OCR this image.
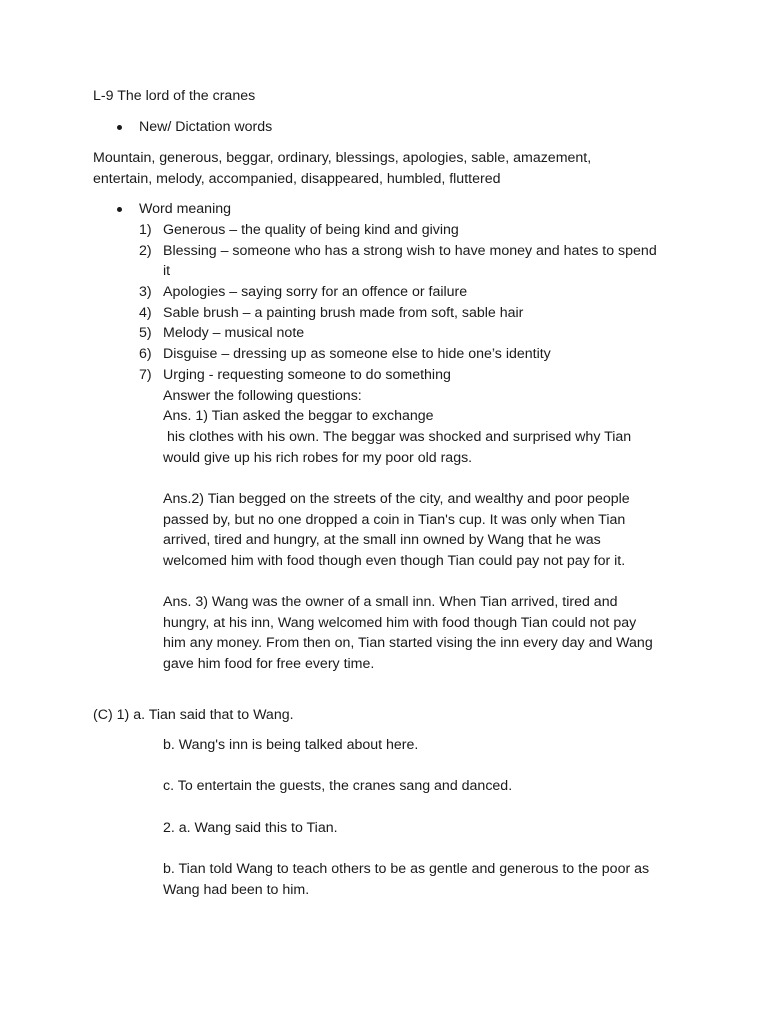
L-9 The lord of the cranes
New/ Dictation words
Mountain, generous, beggar, ordinary, blessings, apologies, sable, amazement,
entertain, melody, accompanied, disappeared, humbled, fluttered
Word meaning
1) Generous – the quality of being kind and giving
2) Blessing – someone who has a strong wish to have money and hates to spend
it
3) Apologies – saying sorry for an offence or failure
4) Sable brush – a painting brush made from soft, sable hair
5) Melody – musical note
6) Disguise – dressing up as someone else to hide one’s identity
7) Urging - requesting someone to do something
Answer the following questions:
Ans. 1) Tian asked the beggar to exchange
his clothes with his own. The beggar was shocked and surprised why Tian
would give up his rich robes for my poor old rags.
Ans.2) Tian begged on the streets of the city, and wealthy and poor people
passed by, but no one dropped a coin in Tian's cup. It was only when Tian
arrived, tired and hungry, at the small inn owned by Wang that he was
welcomed him with food though even though Tian could pay not pay for it.
Ans. 3) Wang was the owner of a small inn. When Tian arrived, tired and
hungry, at his inn, Wang welcomed him with food though Tian could not pay
him any money. From then on, Tian started vising the inn every day and Wang
gave him food for free every time.
(C) 1) a. Tian said that to Wang.
b. Wang's inn is being talked about here.
c. To entertain the guests, the cranes sang and danced.
2. a. Wang said this to Tian.
b. Tian told Wang to teach others to be as gentle and generous to the poor as
Wang had been to him.
